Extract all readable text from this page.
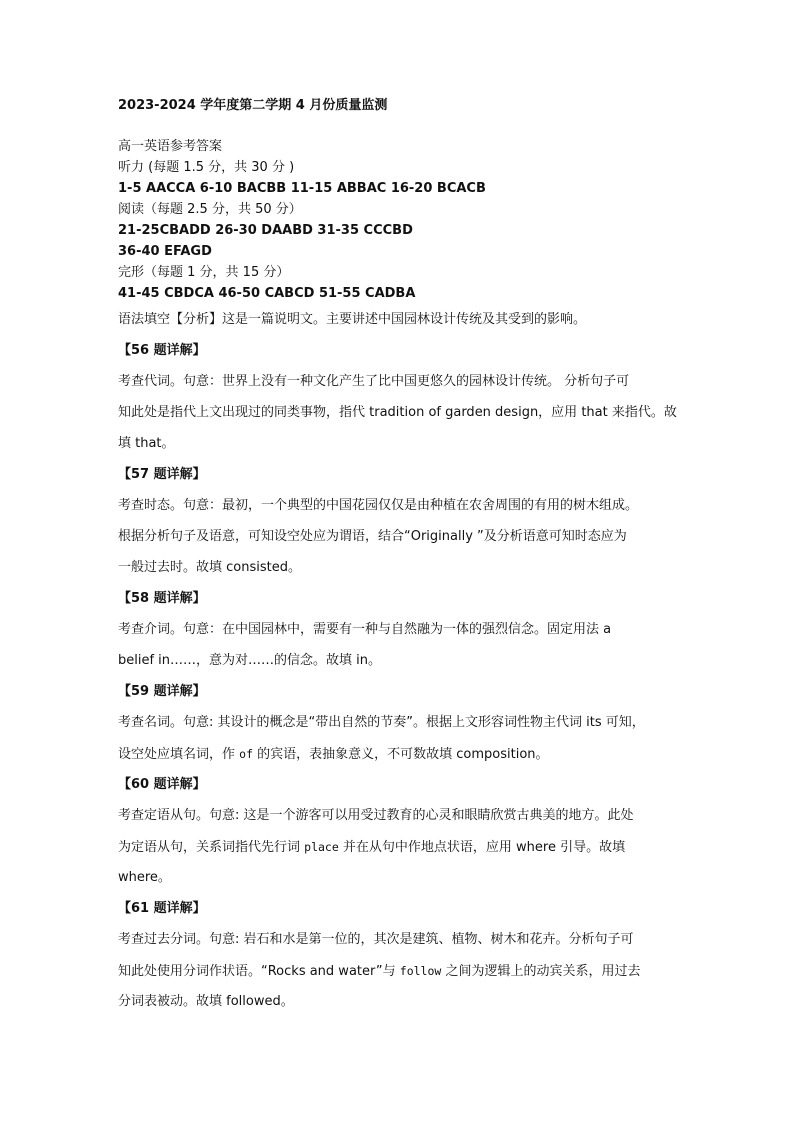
2023-2024 学年度第二学期 4 月份质量监测
高一英语参考答案
听力 (每题 1.5 分，共 30 分 )
1-5 AACCA 6-10 BACBB 11-15 ABBAC 16-20 BCACB
阅读（每题 2.5 分，共 50 分）
21-25CBADD 26-30 DAABD 31-35 CCCBD
36-40 EFAGD
完形（每题 1 分，共 15 分）
41-45 CBDCA 46-50 CABCD 51-55 CADBA
语法填空【分析】这是一篇说明文。主要讲述中国园林设计传统及其受到的影响。
【56 题详解】
考查代词。句意：世界上没有一种文化产生了比中国更悠久的园林设计传统。 分析句子可
知此处是指代上文出现过的同类事物，指代 tradition of garden design，应用 that 来指代。故
填 that。
【57 题详解】
考查时态。句意：最初，一个典型的中国花园仅仅是由种植在农舍周围的有用的树木组成。
根据分析句子及语意，可知设空处应为谓语，结合“Originally ”及分析语意可知时态应为
一般过去时。故填 consisted。
【58 题详解】
考查介词。句意：在中国园林中，需要有一种与自然融为一体的强烈信念。固定用法 a
belief in……，意为对……的信念。故填 in。
【59 题详解】
考查名词。句意: 其设计的概念是“带出自然的节奏”。根据上文形容词性物主代词 its 可知，
设空处应填名词，作 of 的宾语，表抽象意义，不可数故填 composition。
【60 题详解】
考查定语从句。句意: 这是一个游客可以用受过教育的心灵和眼睛欣赏古典美的地方。此处
为定语从句，关系词指代先行词 place 并在从句中作地点状语，应用 where 引导。故填
where。
【61 题详解】
考查过去分词。句意: 岩石和水是第一位的，其次是建筑、植物、树木和花卉。分析句子可
知此处使用分词作状语。“Rocks and water”与 follow 之间为逻辑上的动宾关系，用过去
分词表被动。故填 followed。
